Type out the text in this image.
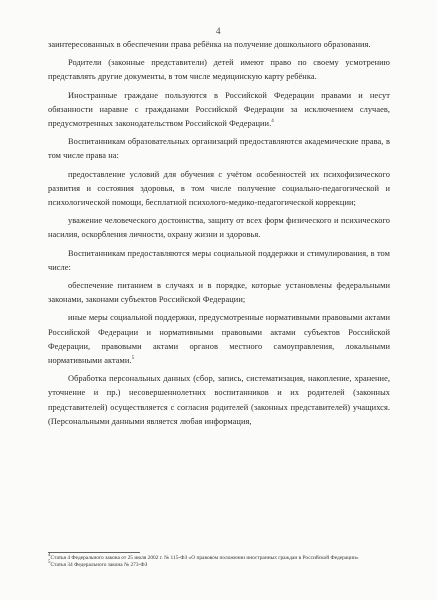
4

заинтересованных в обеспечении права ребёнка на получение дошкольного образования.

Родители (законные представители) детей имеют право по своему усмотрению представлять другие документы, в том числе медицинскую карту ребёнка.

Иностранные граждане пользуются в Российской Федерации правами и несут обязанности наравне с гражданами Российской Федерации за исключением случаев, предусмотренных законодательством Российской Федерации.$^4$

Воспитанникам образовательных организаций предоставляются академические права, в том числе права на:

предоставление условий для обучения с учётом особенностей их психофизического развития и состояния здоровья, в том числе получение социально-педагогической и психологической помощи, бесплатной психолого-медико-педагогической коррекции;

уважение человеческого достоинства, защиту от всех форм физического и психического насилия, оскорбления личности, охрану жизни и здоровья.

Воспитанникам предоставляются меры социальной поддержки и стимулирования, в том числе:

обеспечение питанием в случаях и в порядке, которые установлены федеральными законами, законами субъектов Российской Федерации;

иные меры социальной поддержки, предусмотренные нормативными правовыми актами Российской Федерации и нормативными правовыми актами субъектов Российской Федерации, правовыми актами органов местного самоуправления, локальными нормативными актами.$^5$

Обработка персональных данных (сбор, запись, систематизация, накопление, хранение, уточнение и пр.) несовершеннолетних воспитанников и их родителей (законных представителей) осуществляется с согласия родителей (законных представителей) учащихся. (Персональными данными является любая информация,

$^4$Статья 4 Федерального закона от 25 июля 2002 г. № 115-ФЗ «О правовом положении иностранных граждан в Российской Федерации»

$^5$Статья 34 Федерального закона № 273-ФЗ
